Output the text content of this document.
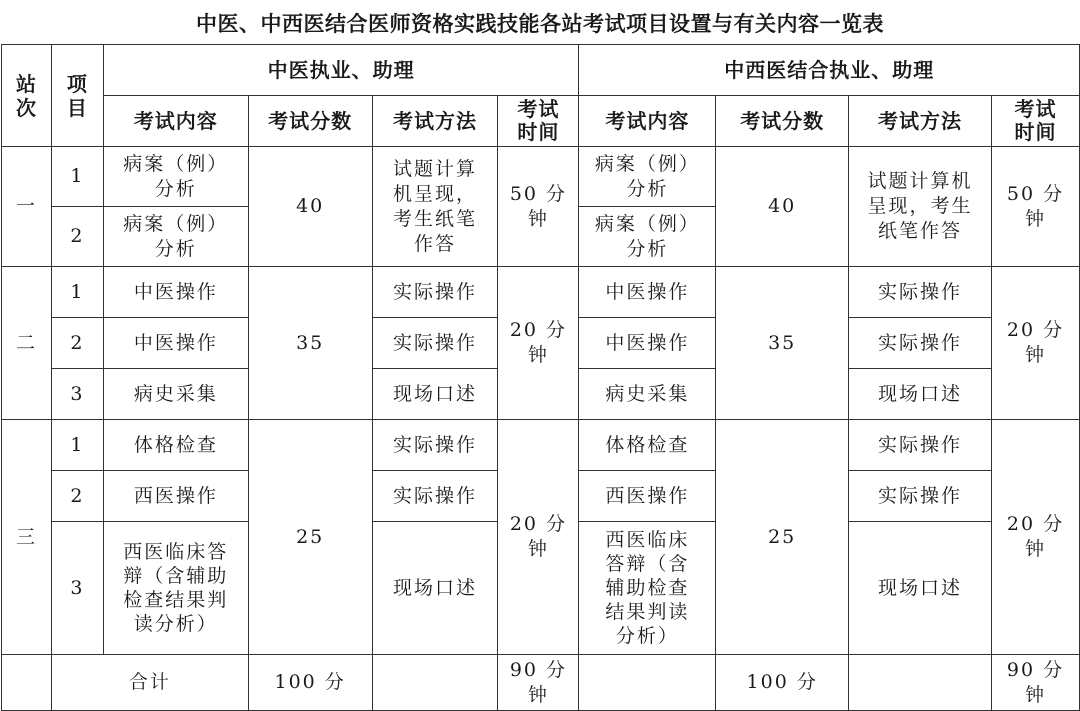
中医、中西医结合医师资格实践技能各站考试项目设置与有关内容一览表
站次	项目	中医执业、助理				中西医结合执业、助理			
		考试内容	考试分数	考试方法	考试时间	考试内容	考试分数	考试方法	考试时间

一	1	病案（例）分析	40	试题计算机呈现，考生纸笔作答	50 分钟	病案（例）分析	40	试题计算机呈现，考生纸笔作答	50 分钟

	2	病案（例）分析				病案（例）分析			

二	1	中医操作	35	实际操作	20 分钟	中医操作	35	实际操作	20 分钟

	2	中医操作		实际操作		中医操作		实际操作	
	3	病史采集		现场口述		病史采集		现场口述	
三	1	体格检查	25	实际操作	20 分钟	体格检查	25	实际操作	20 分钟

	2	西医操作		实际操作		西医操作		实际操作	
	3	西医临床答辩（含辅助检查结果判读分析）		现场口述		西医临床答辩（含辅助检查结果判读分析）		现场口述	
	合计		100 分		90 分钟		100 分		90 分钟
